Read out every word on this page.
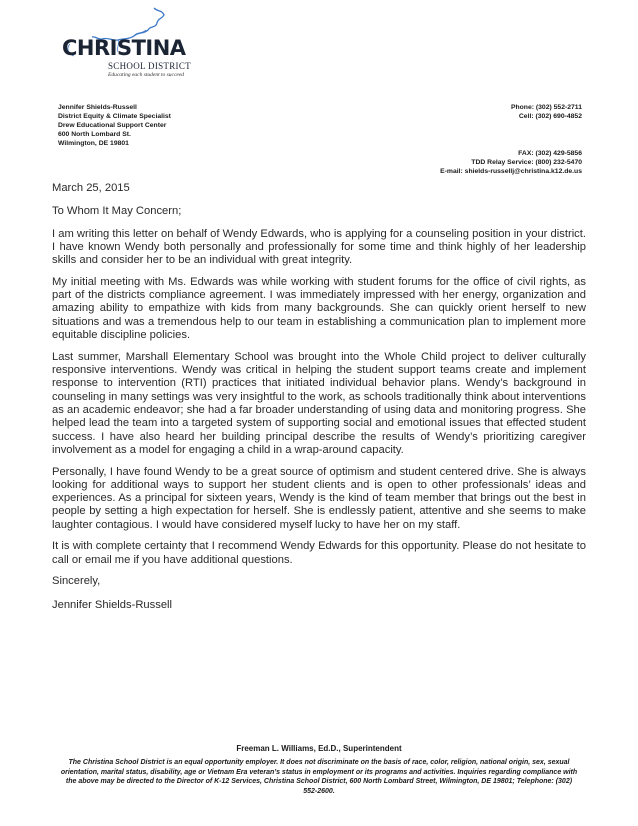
CHRISTINA
SCHOOL DISTRICT
Educating each student to succeed
Jennifer Shields-Russell
District Equity & Climate Specialist
Drew Educational Support Center
600 North Lombard St.
Wilmington, DE 19801
Phone: (302) 552-2711
Cell: (302) 690-4852
FAX: (302) 429-5856
TDD Relay Service: (800) 232-5470
E-mail: shields-russellj@christina.k12.de.us

March 25, 2015

To Whom It May Concern;

I am writing this letter on behalf of Wendy Edwards, who is applying for a counseling position in your district. I have known Wendy both personally and professionally for some time and think highly of her leadership skills and consider her to be an individual with great integrity.

My initial meeting with Ms. Edwards was while working with student forums for the office of civil rights, as part of the districts compliance agreement. I was immediately impressed with her energy, organization and amazing ability to empathize with kids from many backgrounds. She can quickly orient herself to new situations and was a tremendous help to our team in establishing a communication plan to implement more equitable discipline policies.

Last summer, Marshall Elementary School was brought into the Whole Child project to deliver culturally responsive interventions. Wendy was critical in helping the student support teams create and implement response to intervention (RTI) practices that initiated individual behavior plans. Wendy’s background in counseling in many settings was very insightful to the work, as schools traditionally think about interventions as an academic endeavor; she had a far broader understanding of using data and monitoring progress. She helped lead the team into a targeted system of supporting social and emotional issues that effected student success. I have also heard her building principal describe the results of Wendy’s prioritizing caregiver involvement as a model for engaging a child in a wrap-around capacity.

Personally, I have found Wendy to be a great source of optimism and student centered drive. She is always looking for additional ways to support her student clients and is open to other professionals’ ideas and experiences. As a principal for sixteen years, Wendy is the kind of team member that brings out the best in people by setting a high expectation for herself. She is endlessly patient, attentive and she seems to make laughter contagious. I would have considered myself lucky to have her on my staff.

It is with complete certainty that I recommend Wendy Edwards for this opportunity. Please do not hesitate to call or email me if you have additional questions.

Sincerely,

Jennifer Shields-Russell

Freeman L. Williams, Ed.D., Superintendent
The Christina School District is an equal opportunity employer. It does not discriminate on the basis of race, color, religion, national origin, sex, sexual orientation, marital status, disability, age or Vietnam Era veteran’s status in employment or its programs and activities. Inquiries regarding compliance with the above may be directed to the Director of K-12 Services, Christina School District, 600 North Lombard Street, Wilmington, DE 19801; Telephone: (302) 552-2600.
